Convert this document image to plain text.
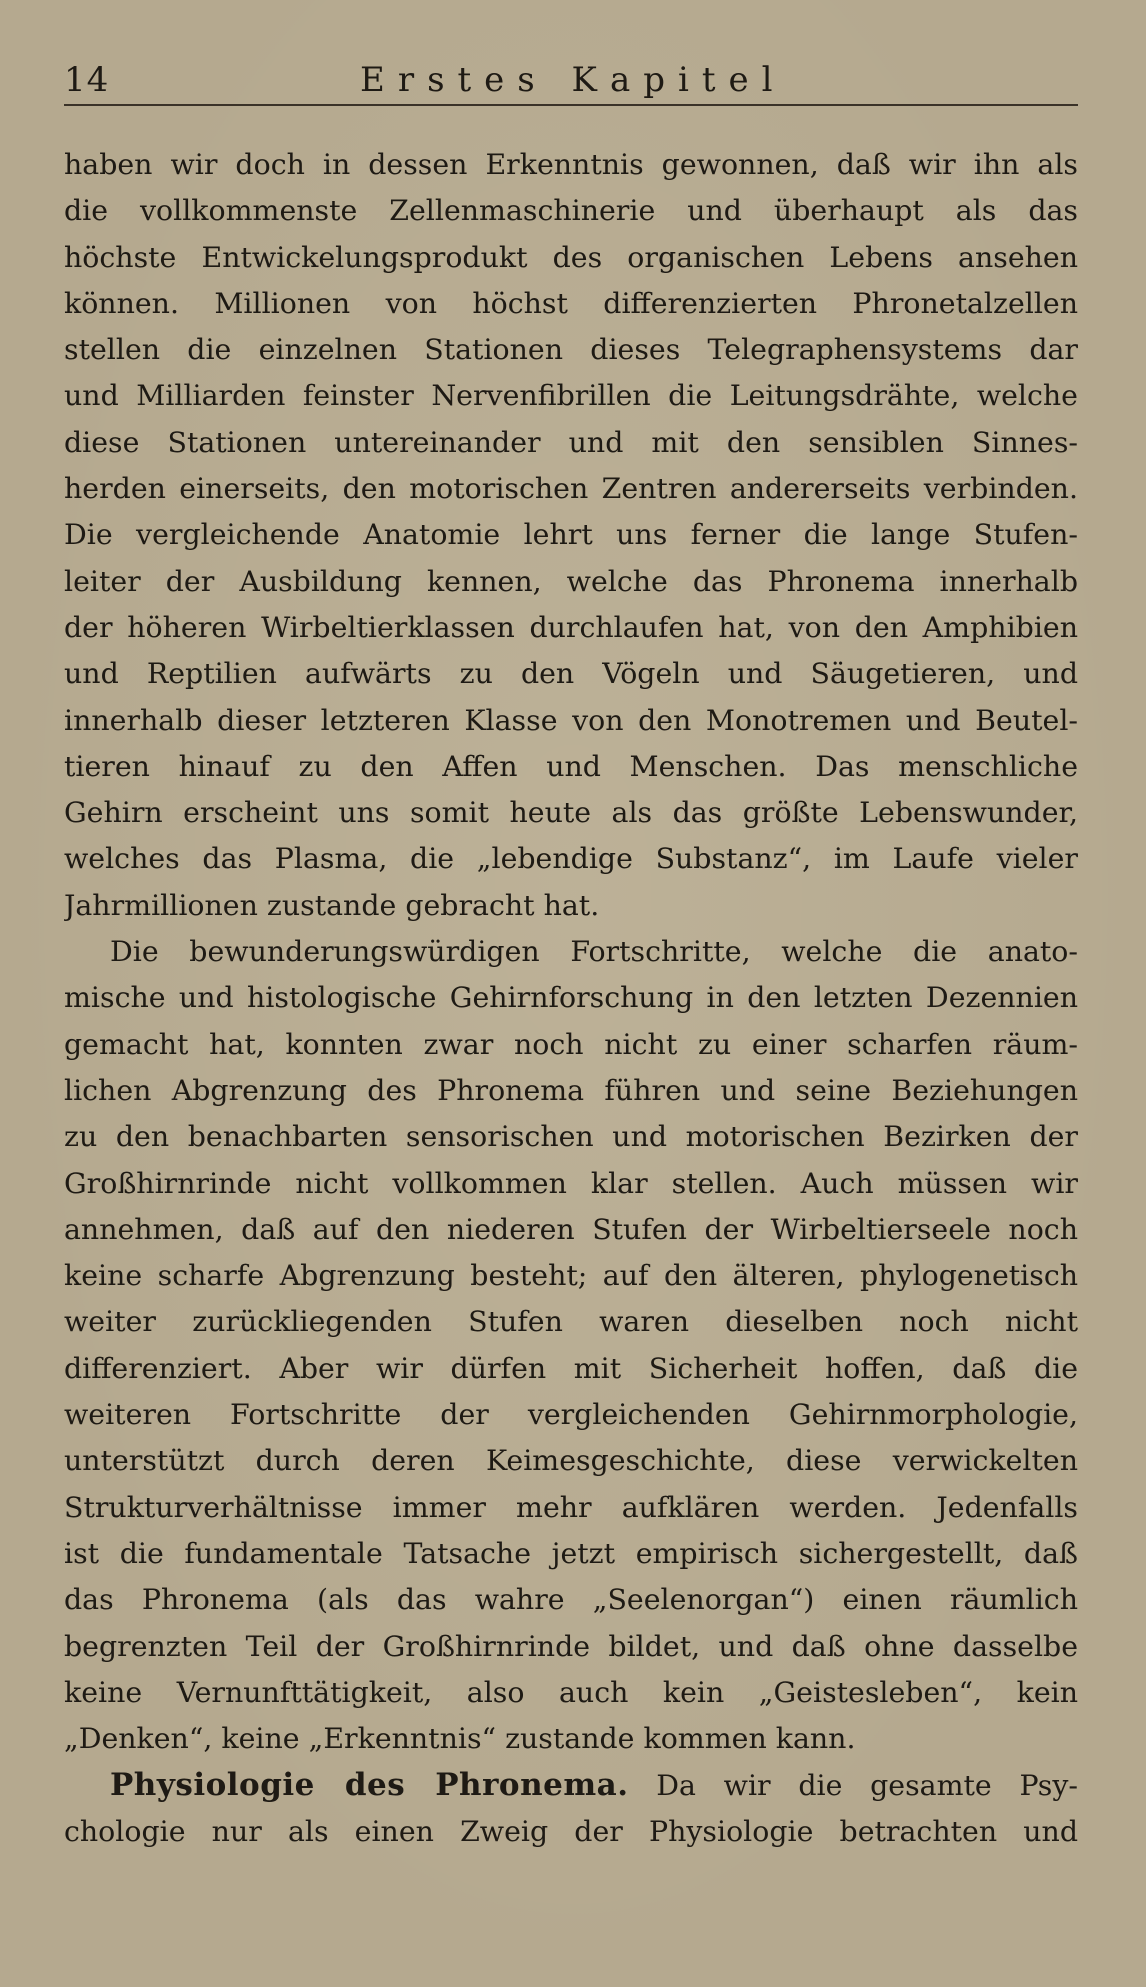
14	Erstes Kapitel
haben wir doch in dessen Erkenntnis gewonnen, daß wir ihn als
die vollkommenste Zellenmaschinerie und überhaupt als das
höchste Entwickelungsprodukt des organischen Lebens ansehen
können. Millionen von höchst differenzierten Phronetalzellen
stellen die einzelnen Stationen dieses Telegraphensystems dar
und Milliarden feinster Nervenfibrillen die Leitungsdrähte, welche
diese Stationen untereinander und mit den sensiblen Sinnes-
herden einerseits, den motorischen Zentren andererseits verbinden.
Die vergleichende Anatomie lehrt uns ferner die lange Stufen-
leiter der Ausbildung kennen, welche das Phronema innerhalb
der höheren Wirbeltierklassen durchlaufen hat, von den Amphibien
und Reptilien aufwärts zu den Vögeln und Säugetieren, und
innerhalb dieser letzteren Klasse von den Monotremen und Beutel-
tieren hinauf zu den Affen und Menschen. Das menschliche
Gehirn erscheint uns somit heute als das größte Lebenswunder,
welches das Plasma, die „lebendige Substanz“, im Laufe vieler
Jahrmillionen zustande gebracht hat.
Die bewunderungswürdigen Fortschritte, welche die anato-
mische und histologische Gehirnforschung in den letzten Dezennien
gemacht hat, konnten zwar noch nicht zu einer scharfen räum-
lichen Abgrenzung des Phronema führen und seine Beziehungen
zu den benachbarten sensorischen und motorischen Bezirken der
Großhirnrinde nicht vollkommen klar stellen. Auch müssen wir
annehmen, daß auf den niederen Stufen der Wirbeltierseele noch
keine scharfe Abgrenzung besteht; auf den älteren, phylogenetisch
weiter zurückliegenden Stufen waren dieselben noch nicht
differenziert. Aber wir dürfen mit Sicherheit hoffen, daß die
weiteren Fortschritte der vergleichenden Gehirnmorphologie,
unterstützt durch deren Keimesgeschichte, diese verwickelten
Strukturverhältnisse immer mehr aufklären werden. Jedenfalls
ist die fundamentale Tatsache jetzt empirisch sichergestellt, daß
das Phronema (als das wahre „Seelenorgan“) einen räumlich
begrenzten Teil der Großhirnrinde bildet, und daß ohne dasselbe
keine Vernunfttätigkeit, also auch kein „Geistesleben“, kein
„Denken“, keine „Erkenntnis“ zustande kommen kann.
Physiologie des Phronema. Da wir die gesamte Psy-
chologie nur als einen Zweig der Physiologie betrachten und
